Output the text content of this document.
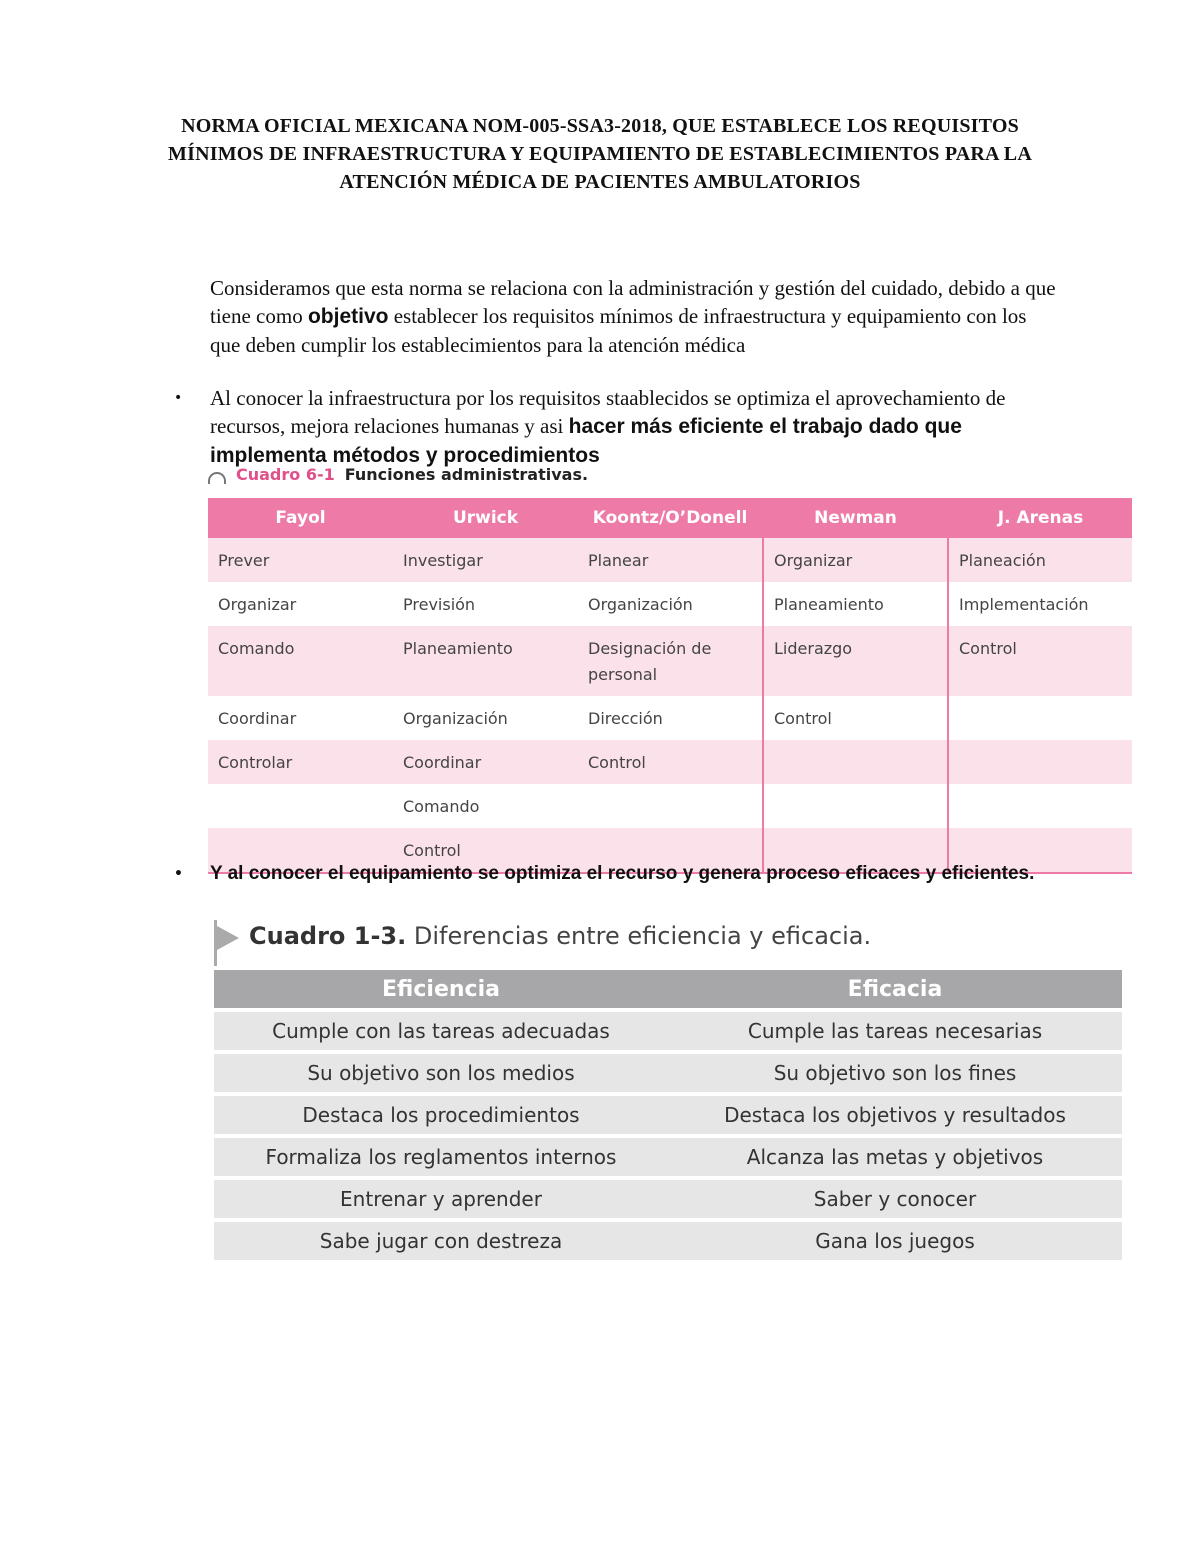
NORMA OFICIAL MEXICANA NOM-005-SSA3-2018, QUE ESTABLECE LOS REQUISITOS MÍNIMOS DE INFRAESTRUCTURA Y EQUIPAMIENTO DE ESTABLECIMIENTOS PARA LA ATENCIÓN MÉDICA DE PACIENTES AMBULATORIOS

Consideramos que esta norma se relaciona con la administración y gestión del cuidado, debido a que tiene como objetivo establecer los requisitos mínimos de infraestructura y equipamiento con los que deben cumplir los establecimientos para la atención médica

• Al conocer la infraestructura por los requisitos staablecidos se optimiza el aprovechamiento de recursos, mejora relaciones humanas y asi hacer más eficiente el trabajo dado que implementa métodos y procedimientos
Cuadro 6-1 Funciones administrativas.
Fayol	Urwick	Koontz/O’Donell	Newman	J. Arenas
Prever	Investigar	Planear	Organizar	Planeación
Organizar	Previsión	Organización	Planeamiento	Implementación
Comando	Planeamiento	Designación de personal	Liderazgo	Control
Coordinar	Organización	Dirección	Control	
Controlar	Coordinar	Control		
	Comando			
	Control			
• Y al conocer el equipamiento se optimiza el recurso y genera proceso eficaces y eficientes.
Cuadro 1-3. Diferencias entre eficiencia y eficacia.
Eficiencia	Eficacia
Cumple con las tareas adecuadas	Cumple las tareas necesarias
Su objetivo son los medios	Su objetivo son los fines
Destaca los procedimientos	Destaca los objetivos y resultados
Formaliza los reglamentos internos	Alcanza las metas y objetivos
Entrenar y aprender	Saber y conocer
Sabe jugar con destreza	Gana los juegos
